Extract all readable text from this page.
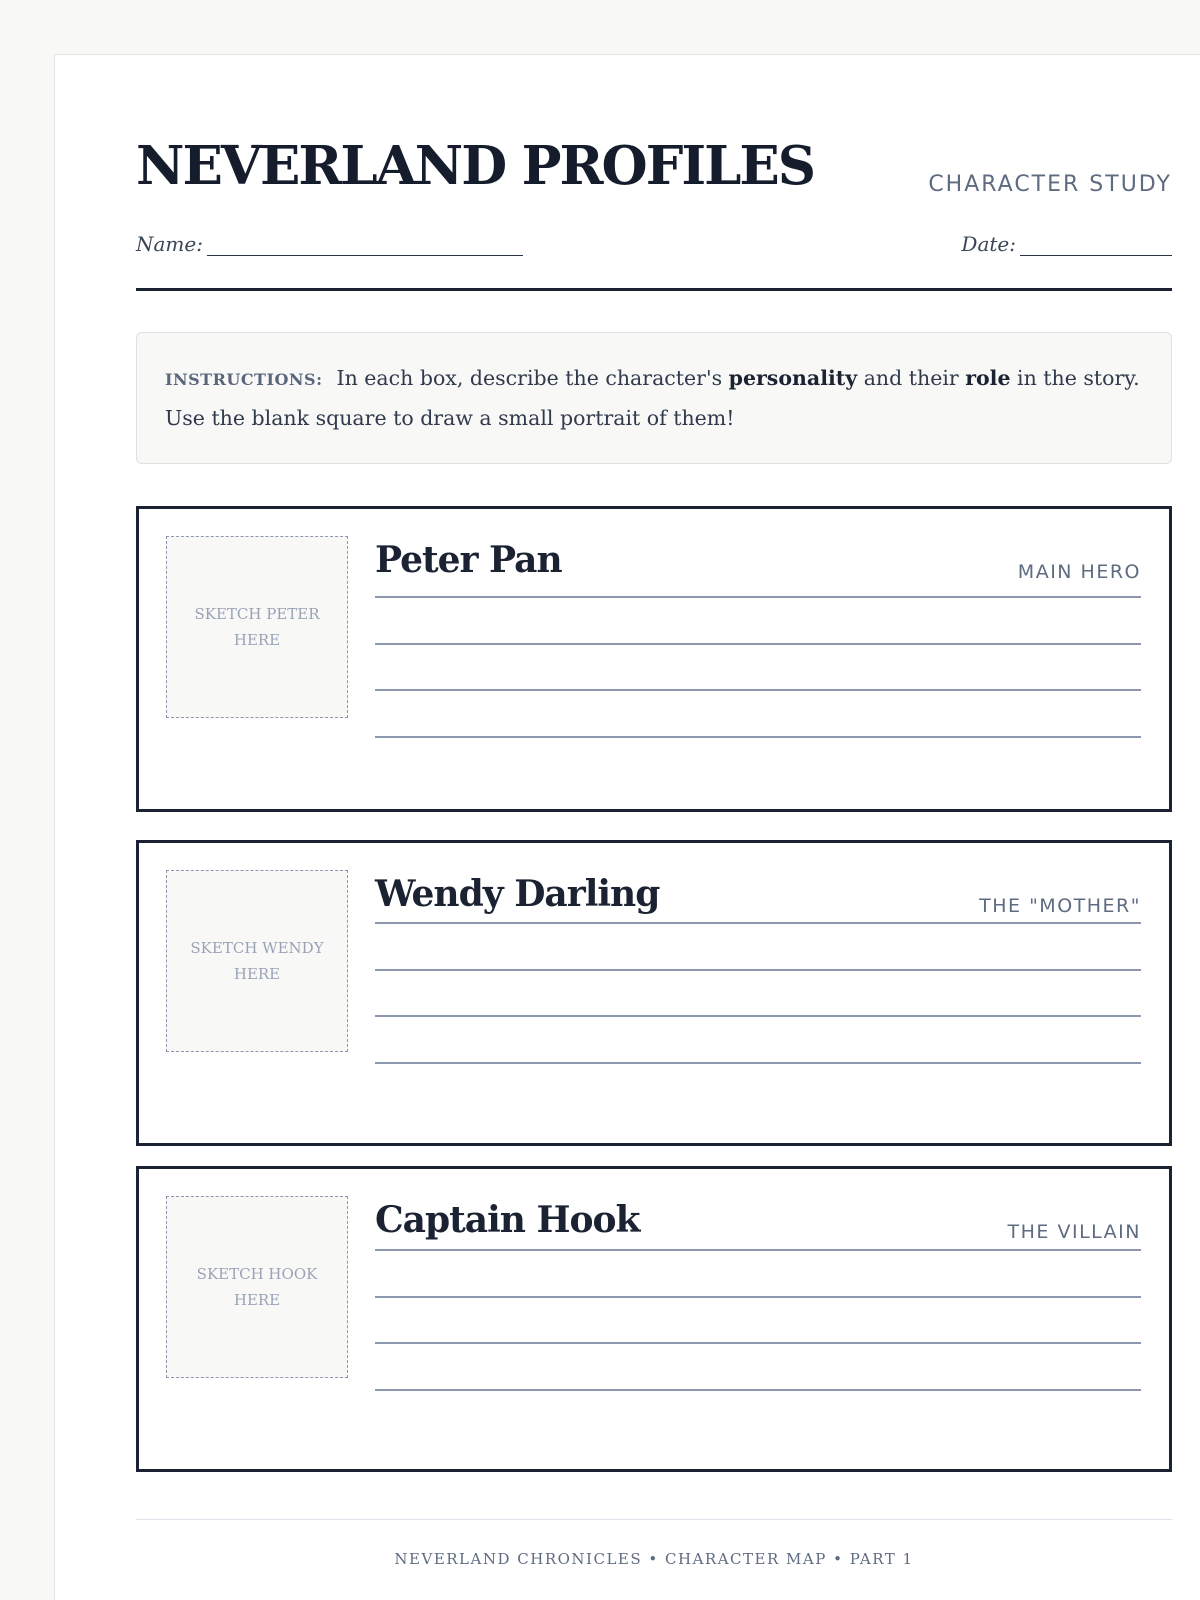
NEVERLAND PROFILES	CHARACTER STUDY
Name:	Date:
INSTRUCTIONS: In each box, describe the character's personality and their role in the story. Use the blank square to draw a small portrait of them!
SKETCH PETER HERE
Peter Pan	MAIN HERO
SKETCH WENDY HERE
Wendy Darling	THE "MOTHER"
SKETCH HOOK HERE
Captain Hook	THE VILLAIN
NEVERLAND CHRONICLES • CHARACTER MAP • PART 1
